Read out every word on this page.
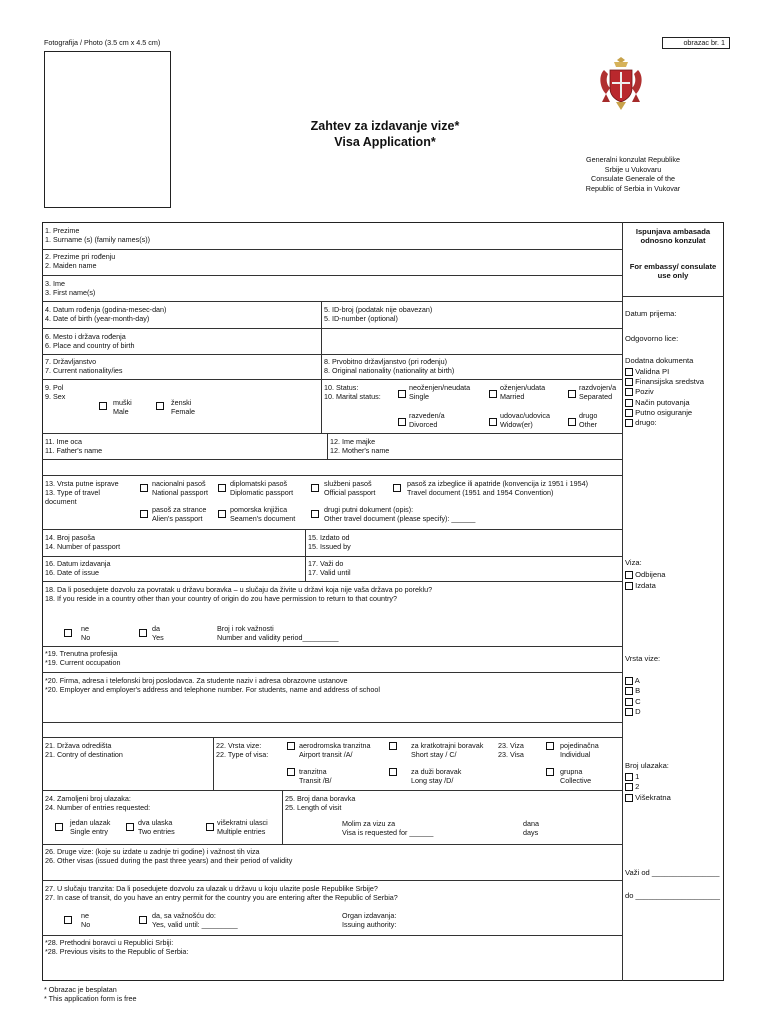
Fotografija / Photo (3.5 cm x 4.5 cm)	obrazac br. 1
Zahtev za izdavanje vize*
Visa Application*
Generalni konzulat Republike
Srbije u Vukovaru
Consulate Generale of the
Republic of Serbia in Vukovar
Ispunjava ambasada
odnosno konzulat
For embassy/ consulate
use only
Datum prijema:
Odgovorno lice:
Dodatna dokumenta
Validna PI
Finansijska sredstva
Poziv
Način putovanja
Putno osiguranje
drugo:
Viza:
Odbijena
Izdata
Vrsta vize:
A
B
C
D
Broj ulazaka:
1
2
Višekratna
Važi od ________________
do ____________________
1. Prezime
1. Surname (s) (family names(s))
2. Prezime pri rođenju
2. Maiden name
3. Ime
3. First name(s)
4. Datum rođenja (godina-mesec-dan)
4. Date of birth (year-month-day)
5. ID-broj (podatak nije obavezan)
5. ID-number (optional)
6. Mesto i država rođenja
6. Place and country of birth
7. Državljanstvo
7. Current nationality/ies
8. Prvobitno državljanstvo (pri rođenju)
8. Original nationality (nationality at birth)
9. Pol
9. Sex
muški
Male
ženski
Female
10. Status:
10. Marital status:
neoženjen/neudata
Single
oženjen/udata
Married
razdvojen/a
Separated
razveden/a
Divorced
udovac/udovica
Widow(er)
drugo
Other
11. Ime oca
11. Father's name
12. Ime majke
12. Mother's name
13. Vrsta putne isprave
13. Type of travel
document
nacionalni pasoš
National passport
diplomatski pasoš
Diplomatic passport
službeni pasoš
Official passport
pasoš za izbeglice ili apatride (konvencija iz 1951 i 1954)
Travel document (1951 and 1954 Convention)
pasoš za strance
Alien's passport
pomorska knjižica
Seamen's document
drugi putni dokument (opis):
Other travel document (please specify): ______
14. Broj pasoša
14. Number of passport
15. Izdato od
15. Issued by
16. Datum izdavanja
16. Date of issue
17. Važi do
17. Valid until
18. Da li posedujete dozvolu za povratak u državu boravka – u slučaju da živite u državi koja nije vaša država po poreklu?
18. If you reside in a country other than your country of origin do zou have permission to return to that country?
ne
No
da
Yes
Broj i rok važnosti
Number and validity period_________
*19. Trenutna profesija
*19. Current occupation
*20. Firma, adresa i telefonski broj poslodavca. Za studente naziv i adresa obrazovne ustanove
*20. Employer and employer's address and telephone number. For students, name and address of school
21. Država odredišta
21. Contry of destination
22. Vrsta vize:
22. Type of visa:
aerodromska tranzitna
Airport transit /A/
za kratkotrajni boravak
Short stay / C/
tranzitna
Transit /B/
za duži boravak
Long stay /D/
23. Viza
23. Visa
pojedinačna
Individual
grupna
Collective
24. Zamoljeni broj ulazaka:
24. Number of entries requested:
jedan ulazak
Single entry
dva ulaska
Two entries
višekratni ulasci
Multiple entries
25. Broj dana boravka
25. Length of visit
Molim za vizu za
Visa is requested for ______
dana
days
26. Druge vize: (koje su izdate u zadnje tri godine) i važnost tih viza
26. Other visas (issued during the past three years) and their period of validity
27. U slučaju tranzita: Da li posedujete dozvolu za ulazak u državu u koju ulazite posle Republike Srbije?
27. In case of transit, do you have an entry permit for the country you are entering after the Republic of Serbia?
ne
No
da, sa važnošću do:
Yes, valid until: _________
Organ izdavanja:
Issuing authority:
*28. Prethodni boravci u Republici Srbiji:
*28. Previous visits to the Republic of Serbia:
* Obrazac je besplatan
* This application form is free
